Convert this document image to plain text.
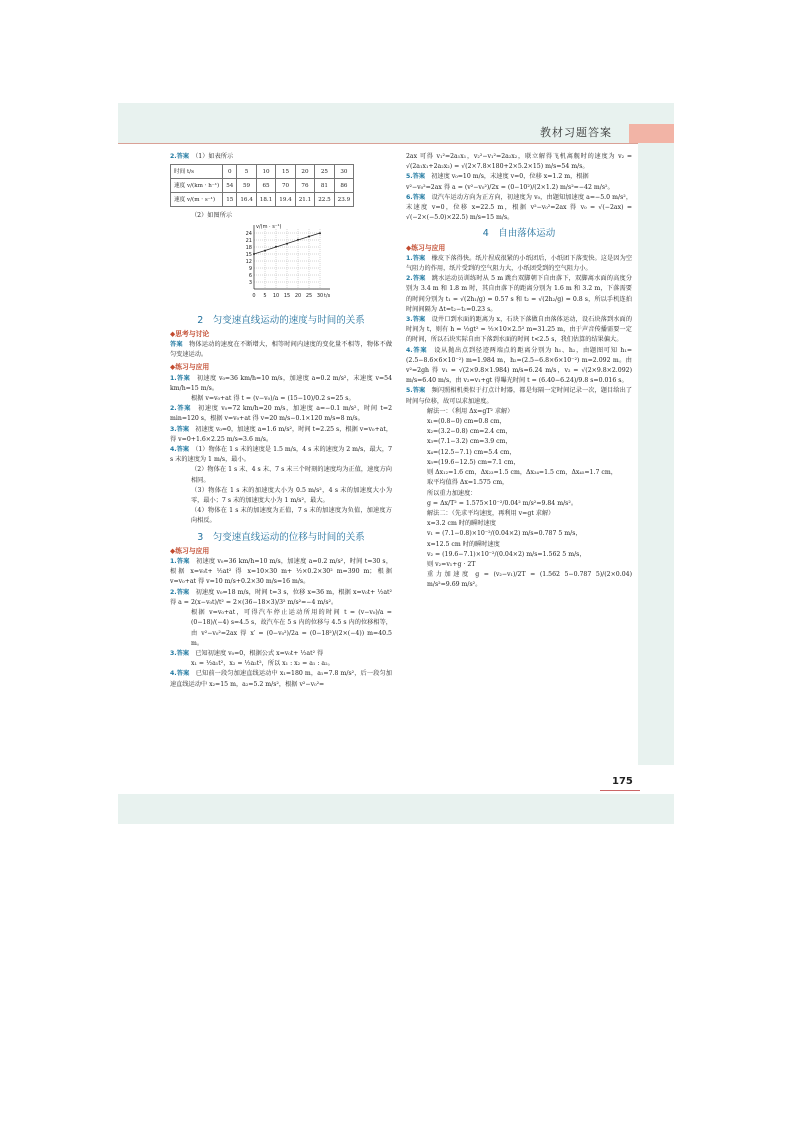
教材习题答案
175

2.答案　 （1）如表所示

时间 t/s	0	5	10	15	20	25	30
速度 v/(km · h⁻¹)	54	59	65	70	76	81	86
速度 v/(m · s⁻¹)	15	16.4	18.1	19.4	21.1	22.5	23.9

（2）如图所示

24
21
18
15
12
9
6
3
0 5 10 15 20 25 30
v/(m · s⁻¹)
t/s
2　匀变速直线运动的速度与时间的关系
◆思考与讨论

答案　 物体运动的速度在不断增大，相等时间内速度的变化量不相等，物体不做匀变速运动。

◆练习与应用

1.答案　 初速度 v₀=36 km/h=10 m/s，加速度 a=0.2 m/s²，末速度 v=54 km/h=15 m/s。

根据 v=v₀+at 得 t = (v−v₀)/a = (15−10)/0.2 s=25 s。

2.答案　 初速度 v₀=72 km/h=20 m/s，加速度 a=−0.1 m/s²，时间 t=2 min=120 s，根据 v=v₀+at 得 v=20 m/s−0.1×120 m/s=8 m/s。

3.答案　 初速度 v₀=0，加速度 a=1.6 m/s²，时间 t=2.25 s，根据 v=v₀+at，得 v=0+1.6×2.25 m/s=3.6 m/s。

4.答案　 （1）物体在 1 s 末的速度是 1.5 m/s，4 s 末的速度为 2 m/s，最大，7 s 末的速度为 1 m/s，最小。

（2）物体在 1 s 末、4 s 末、7 s 末三个时刻的速度均为正值，速度方向相同。

（3）物体在 1 s 末的加速度大小为 0.5 m/s²，4 s 末的加速度大小为零，最小；7 s 末的加速度大小为 1 m/s²，最大。

（4）物体在 1 s 末的加速度为正值，7 s 末的加速度为负值，加速度方向相反。

3　匀变速直线运动的位移与时间的关系
◆练习与应用

1.答案　 初速度 v₀=36 km/h=10 m/s，加速度 a=0.2 m/s²，时间 t=30 s，根据 x=v₀t+ ½at² 得 x=10×30 m+ ½×0.2×30² m=390 m；根据 v=v₀+at 得 v=10 m/s+0.2×30 m/s=16 m/s。

2.答案　 初速度 v₀=18 m/s，时间 t=3 s，位移 x=36 m，根据 x=v₀t+ ½at² 得 a = 2(x−v₀t)/t² = 2×(36−18×3)/3² m/s²=−4 m/s²。

根据 v=v₀+at，可得汽车停止运动所用的时间 t = (v−v₀)/a = (0−18)/(−4) s=4.5 s，故汽车在 5 s 内的位移与 4.5 s 内的位移相等，由 v²−v₀²=2ax 得 x′ = (0−v₀²)/2a = (0−18²)/(2×(−4)) m=40.5 m。

3.答案　 已知初速度 v₀=0，根据公式 x=v₀t+ ½at² 得

x₁ = ½a₁t²，x₂ = ½a₂t²，所以 x₁ : x₂ = a₁ : a₂。

4.答案　 已知前一段匀加速直线运动中 x₁=180 m，a₁=7.8 m/s²，后一段匀加速直线运动中 x₂=15 m，a₂=5.2 m/s²，根据 v²−v₀²=

2ax 可得 v₁²=2a₁x₁，v₂²−v₁²=2a₂x₂，联立解得飞机离舰时的速度为 v₂ = √(2a₁x₁+2a₂x₂) = √(2×7.8×180+2×5.2×15) m/s=54 m/s。

5.答案　 初速度 v₀=10 m/s，末速度 v=0，位移 x=1.2 m，根据

v²−v₀²=2ax 得 a = (v²−v₀²)/2x = (0−10²)/(2×1.2) m/s²=−42 m/s²。

6.答案　 设汽车运动方向为正方向，初速度为 v₀，由题知加速度 a=−5.0 m/s²，末速度 v=0，位移 x=22.5 m，根据 v²−v₀²=2ax 得 v₀ = √(−2ax) = √(−2×(−5.0)×22.5) m/s=15 m/s。

4　自由落体运动
◆练习与应用

1.答案　 橡皮下落得快。纸片捏成很紧的小纸团后，小纸团下落变快。这是因为空气阻力的作用，纸片受到的空气阻力大，小纸团受到的空气阻力小。

2.答案　 跳水运动员训练时从 5 m 跳台双脚朝下自由落下，双脚离水面的高度分别为 3.4 m 和 1.8 m 时，其自由落下的距离分别为 1.6 m 和 3.2 m，下落需要的时间分别为 t₁ = √(2h₁/g) = 0.57 s 和 t₂ = √(2h₂/g) = 0.8 s，所以手机连拍时间间隔为 Δt=t₂−t₁=0.23 s。

3.答案　 设井口到水面的距离为 x，石块下落做自由落体运动，设石块落到水面的时间为 t，则有 h = ½gt² = ½×10×2.5² m=31.25 m，由于声音传播需要一定的时间，所以石块实际自由下落到水面的时间 t<2.5 s，我们估算的结果偏大。

4.答案　 设从抛出点到径迹两端点的距离分别为 h₁、h₂，由题图可知 h₁=(2.5−8.6×6×10⁻²) m=1.984 m，h₂=(2.5−6.8×6×10⁻²) m=2.092 m。由 v²=2gh 得 v₁ = √(2×9.8×1.984) m/s=6.24 m/s，v₂ = √(2×9.8×2.092) m/s=6.40 m/s，由 v₂=v₁+gt 得曝光时间 t = (6.40−6.24)/9.8 s=0.016 s。

5.答案　 频闪照相机类似于打点计时器，都是每隔一定时间记录一次，题目给出了时间与位移，故可以求加速度。

解法一：（利用 Δx=gT² 求解）

x₁=(0.8−0) cm=0.8 cm，

x₂=(3.2−0.8) cm=2.4 cm，

x₃=(7.1−3.2) cm=3.9 cm，

x₄=(12.5−7.1) cm=5.4 cm，

x₅=(19.6−12.5) cm=7.1 cm，

则 Δx₁₂=1.6 cm，Δx₂₃=1.5 cm，Δx₃₄=1.5 cm，Δx₄₅=1.7 cm，

取平均值得 Δx=1.575 cm，

所以重力加速度：

g = Δx/T² = 1.575×10⁻²/0.04² m/s²=9.84 m/s²。

解法二：（先求平均速度，再利用 v=gt 求解）

x=3.2 cm 时的瞬时速度

v₁ = (7.1−0.8)×10⁻²/(0.04×2) m/s=0.787 5 m/s，

x=12.5 cm 时的瞬时速度

v₂ = (19.6−7.1)×10⁻²/(0.04×2) m/s=1.562 5 m/s，

则 v₂=v₁+g · 2T

重力加速度 g = (v₂−v₁)/2T = (1.562 5−0.787 5)/(2×0.04) m/s²=9.69 m/s²。
